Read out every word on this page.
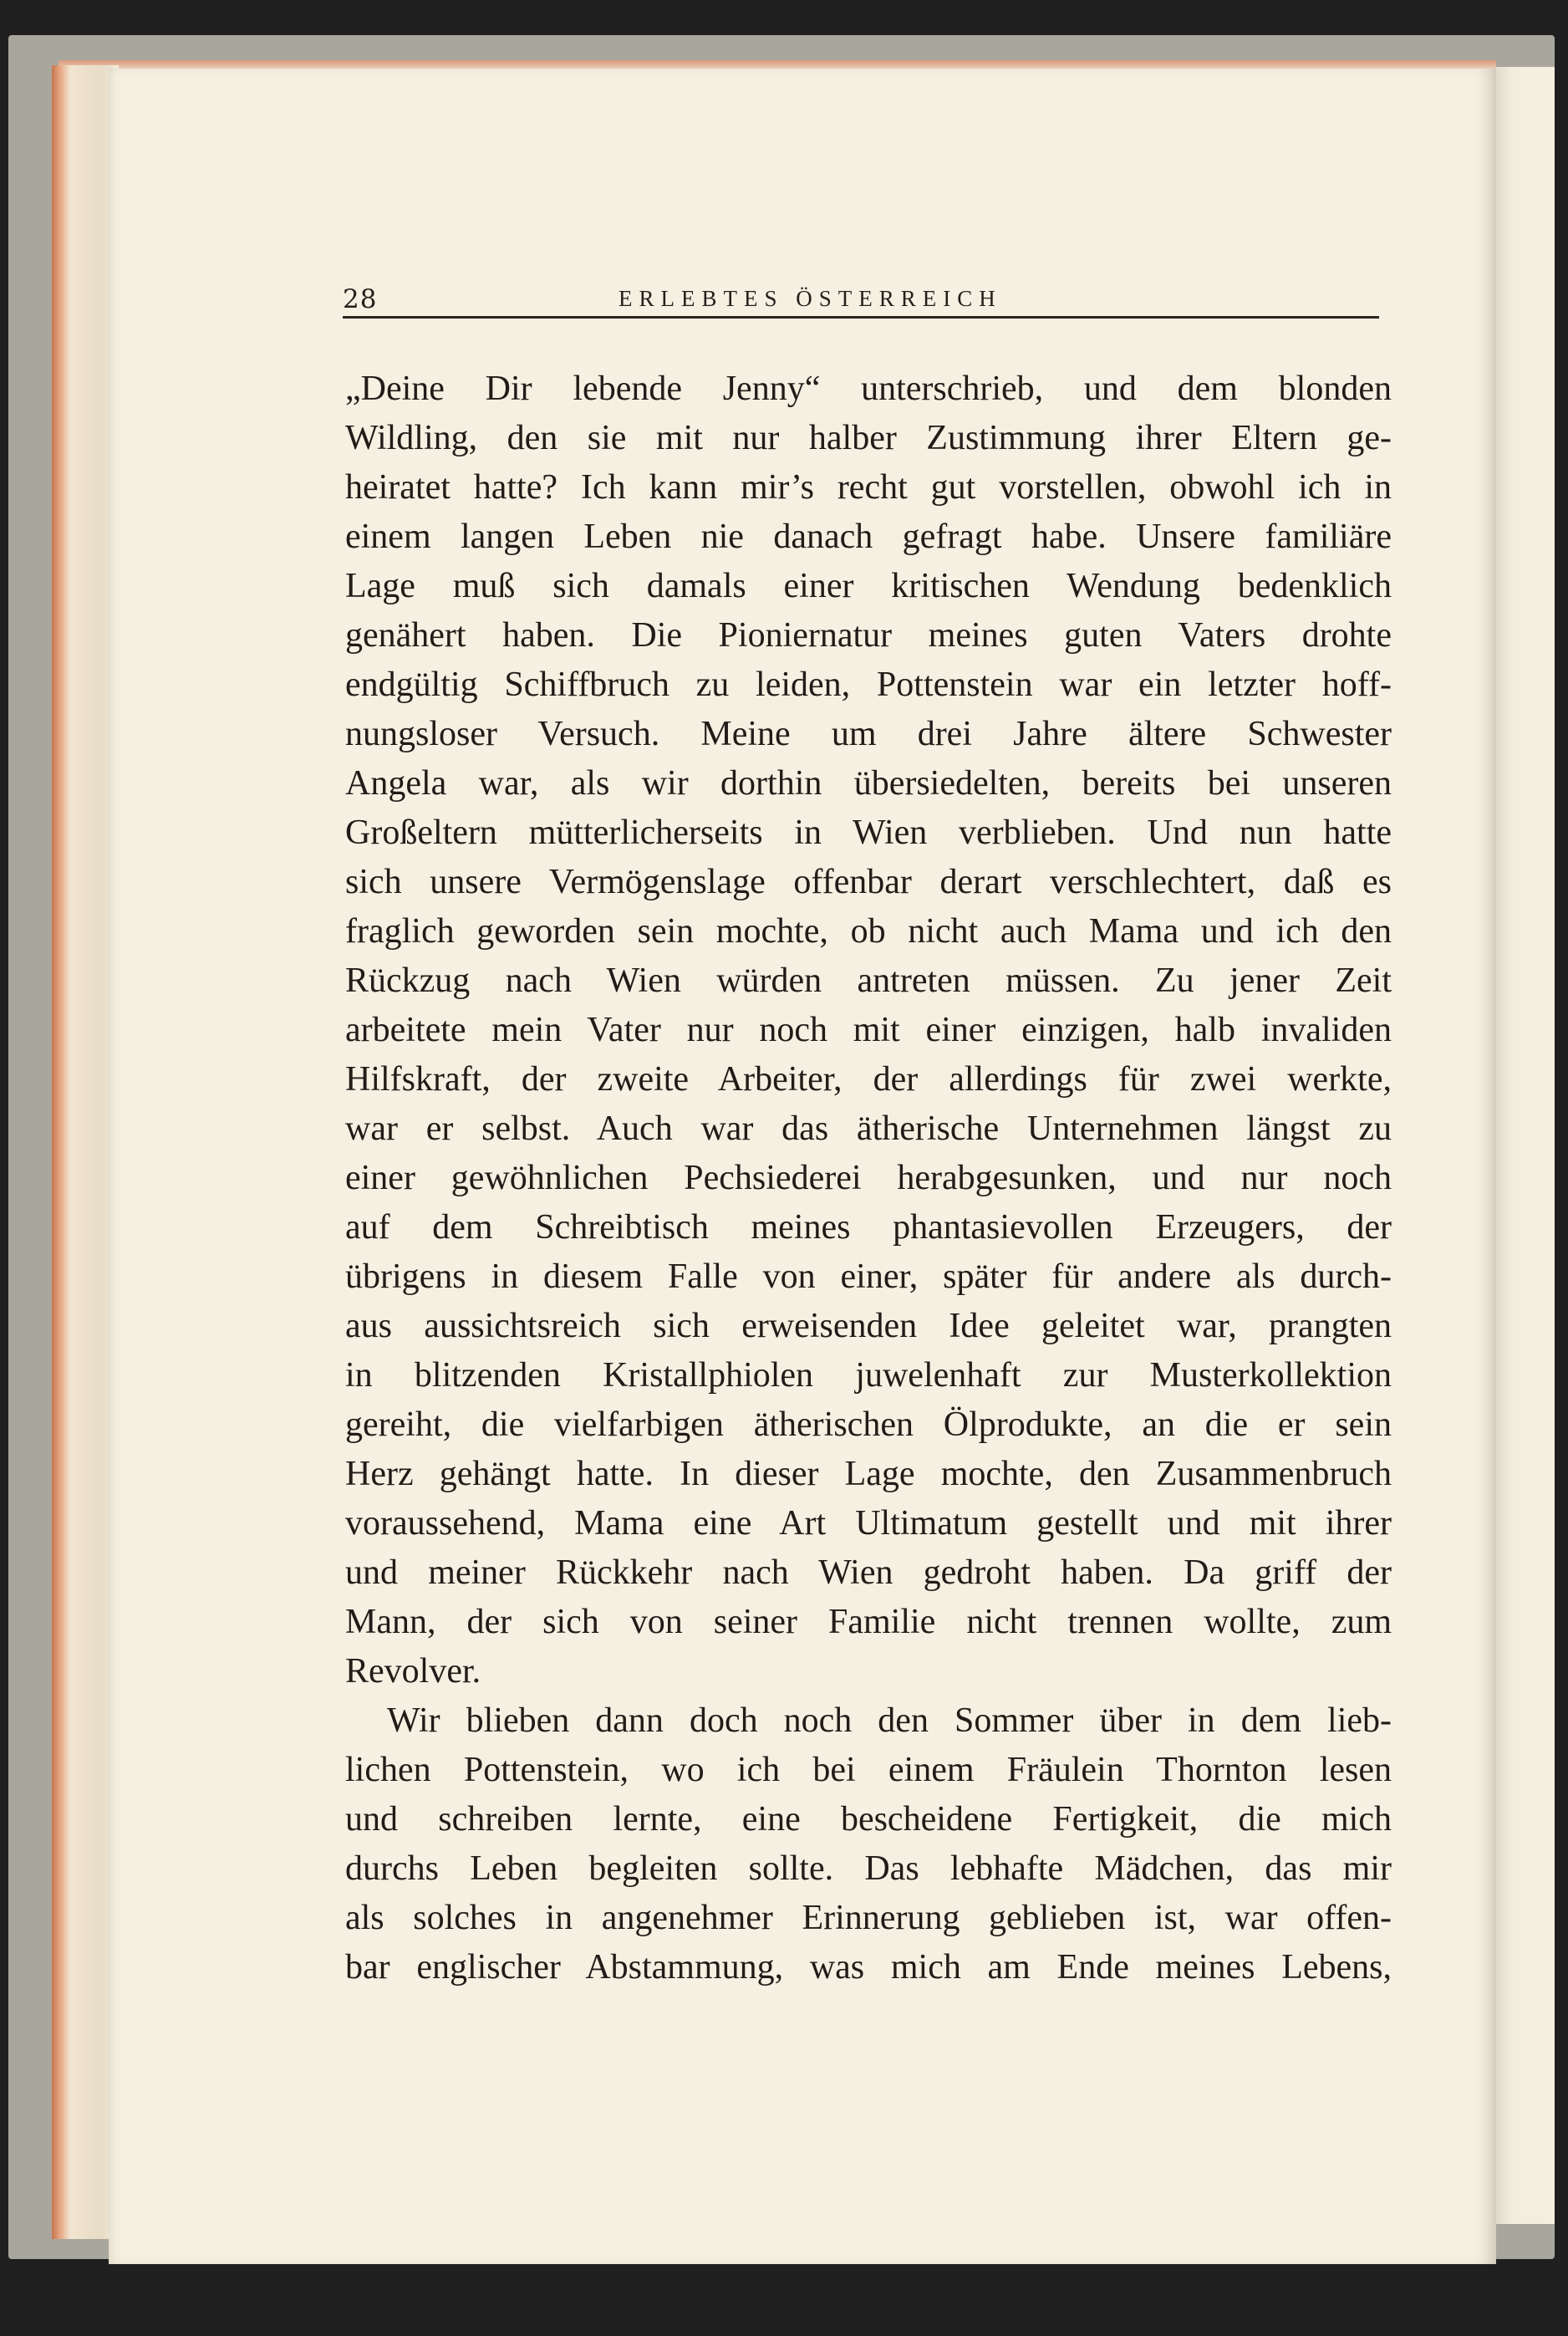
28	ERLEBTES ÖSTERREICH
„Deine Dir lebende Jenny“ unterschrieb, und dem blonden
Wildling, den sie mit nur halber Zustimmung ihrer Eltern ge-
heiratet hatte? Ich kann mir’s recht gut vorstellen, obwohl ich in
einem langen Leben nie danach gefragt habe. Unsere familiäre
Lage muß sich damals einer kritischen Wendung bedenklich
genähert haben. Die Pioniernatur meines guten Vaters drohte
endgültig Schiffbruch zu leiden, Pottenstein war ein letzter hoff-
nungsloser Versuch. Meine um drei Jahre ältere Schwester
Angela war, als wir dorthin übersiedelten, bereits bei unseren
Großeltern mütterlicherseits in Wien verblieben. Und nun hatte
sich unsere Vermögenslage offenbar derart verschlechtert, daß es
fraglich geworden sein mochte, ob nicht auch Mama und ich den
Rückzug nach Wien würden antreten müssen. Zu jener Zeit
arbeitete mein Vater nur noch mit einer einzigen, halb invaliden
Hilfskraft, der zweite Arbeiter, der allerdings für zwei werkte,
war er selbst. Auch war das ätherische Unternehmen längst zu
einer gewöhnlichen Pechsiederei herabgesunken, und nur noch
auf dem Schreibtisch meines phantasievollen Erzeugers, der
übrigens in diesem Falle von einer, später für andere als durch-
aus aussichtsreich sich erweisenden Idee geleitet war, prangten
in blitzenden Kristallphiolen juwelenhaft zur Musterkollektion
gereiht, die vielfarbigen ätherischen Ölprodukte, an die er sein
Herz gehängt hatte. In dieser Lage mochte, den Zusammenbruch
voraussehend, Mama eine Art Ultimatum gestellt und mit ihrer
und meiner Rückkehr nach Wien gedroht haben. Da griff der
Mann, der sich von seiner Familie nicht trennen wollte, zum
Revolver.
Wir blieben dann doch noch den Sommer über in dem lieb-
lichen Pottenstein, wo ich bei einem Fräulein Thornton lesen
und schreiben lernte, eine bescheidene Fertigkeit, die mich
durchs Leben begleiten sollte. Das lebhafte Mädchen, das mir
als solches in angenehmer Erinnerung geblieben ist, war offen-
bar englischer Abstammung, was mich am Ende meines Lebens,
